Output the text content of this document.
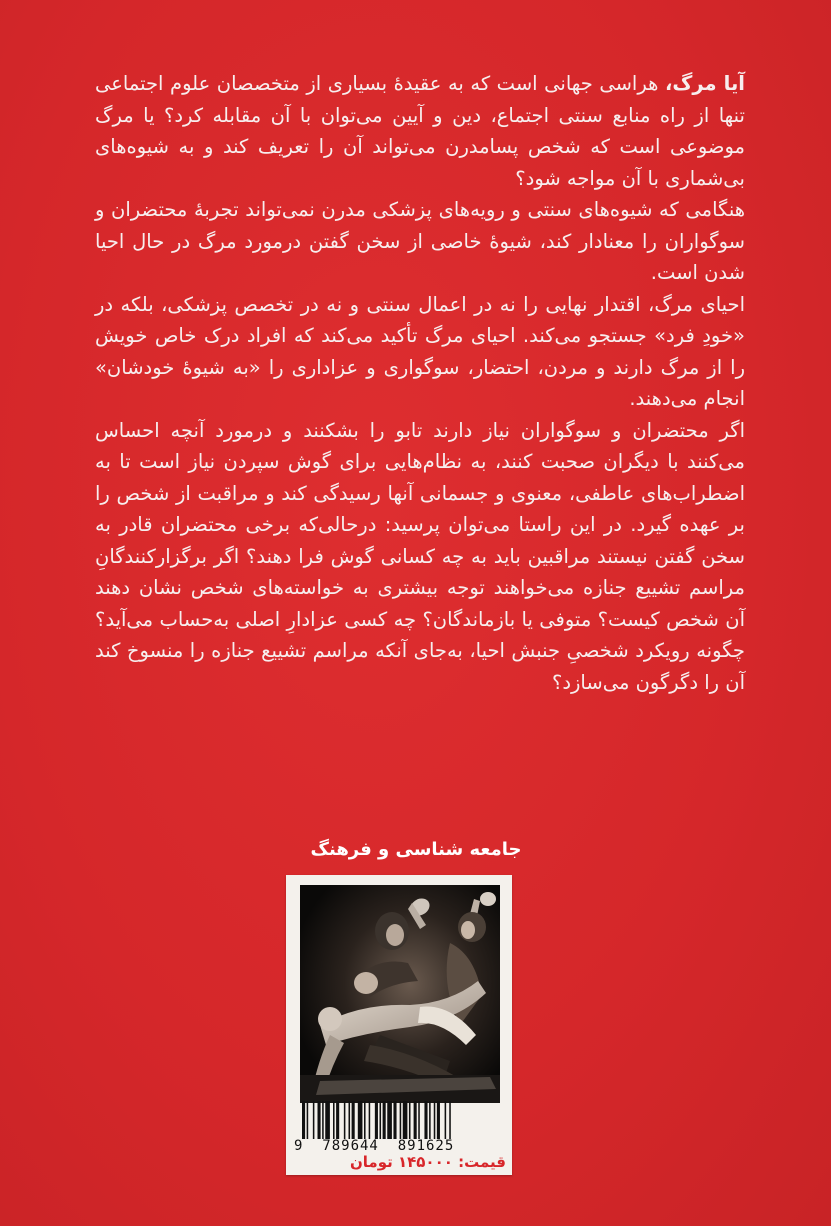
آیا مرگ، هراسی جهانی است که به عقیدهٔ بسیاری از متخصصان علوم اجتماعی تنها از راه منابع سنتی اجتماع، دین و آیین می‌توان با آن مقابله کرد؟ یا مرگ موضوعی است که شخص پسامدرن می‌تواند آن را تعریف کند و به شیوه‌های بی‌شماری با آن مواجه شود؟

هنگامی که شیوه‌های سنتی و رویه‌های پزشکی مدرن نمی‌تواند تجربهٔ محتضران و سوگواران را معنادار کند، شیوهٔ خاصی از سخن گفتن درمورد مرگ در حال احیا شدن است.

احیای مرگ، اقتدار نهایی را نه در اعمال سنتی و نه در تخصص پزشکی، بلکه در «خودِ فرد» جستجو می‌کند. احیای مرگ تأکید می‌کند که افراد درک خاص خویش را از مرگ دارند و مردن، احتضار، سوگواری و عزاداری را «به شیوهٔ خودشان» انجام می‌دهند.

اگر محتضران و سوگواران نیاز دارند تابو را بشکنند و درمورد آنچه احساس می‌کنند با دیگران صحبت کنند، به نظام‌هایی برای گوش سپردن نیاز است تا به اضطراب‌های عاطفی، معنوی و جسمانی آنها رسیدگی کند و مراقبت از شخص را بر عهده گیرد. در این راستا می‌توان پرسید: درحالی‌که برخی محتضران قادر به سخن گفتن نیستند مراقبین باید به چه کسانی گوش فرا دهند؟ اگر برگزارکنندگانِ مراسم تشییع جنازه می‌خواهند توجه بیشتری به خواسته‌های شخص نشان دهند آن شخص کیست؟ متوفی یا بازماندگان؟ چه کسی عزادارِ اصلی به‌حساب می‌آید؟ چگونه رویکرد شخصیِ جنبش احیا، به‌جای آنکه مراسم تشییع جنازه را منسوخ کند آن را دگرگون می‌سازد؟

جامعه شناسی و فرهنگ
9  789644  891625
قیمت: ۱۴۵۰۰۰ تومان
